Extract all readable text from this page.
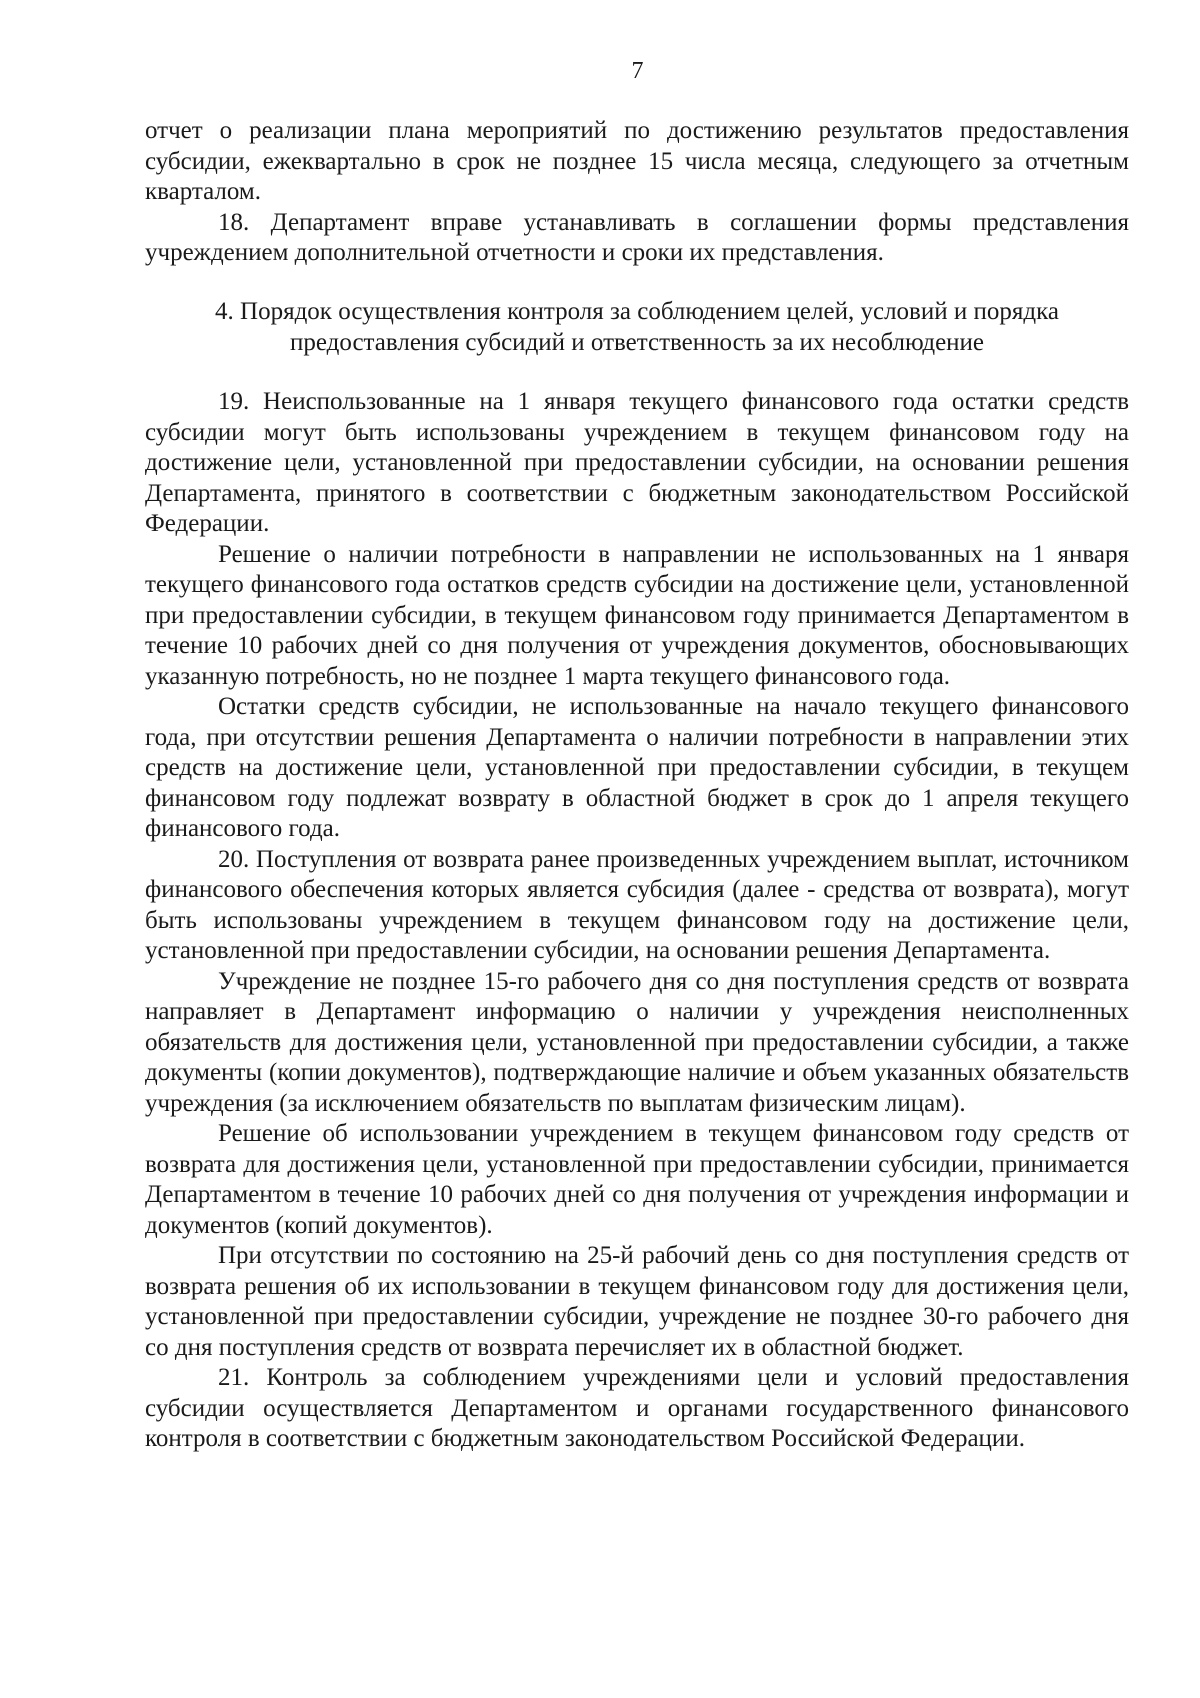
7

отчет о реализации плана мероприятий по достижению результатов предоставления субсидии, ежеквартально в срок не позднее 15 числа месяца, следующего за отчетным кварталом.

18. Департамент вправе устанавливать в соглашении формы представления учреждением дополнительной отчетности и сроки их представления.

4. Порядок осуществления контроля за соблюдением целей, условий и порядка
предоставления субсидий и ответственность за их несоблюдение

19. Неиспользованные на 1 января текущего финансового года остатки средств субсидии могут быть использованы учреждением в текущем финансовом году на достижение цели, установленной при предоставлении субсидии, на основании решения Департамента, принятого в соответствии с бюджетным законодательством Российской Федерации.

Решение о наличии потребности в направлении не использованных на 1 января текущего финансового года остатков средств субсидии на достижение цели, установленной при предоставлении субсидии, в текущем финансовом году принимается Департаментом в течение 10 рабочих дней со дня получения от учреждения документов, обосновывающих указанную потребность, но не позднее 1 марта текущего финансового года.

Остатки средств субсидии, не использованные на начало текущего финансового года, при отсутствии решения Департамента о наличии потребности в направлении этих средств на достижение цели, установленной при предоставлении субсидии, в текущем финансовом году подлежат возврату в областной бюджет в срок до 1 апреля текущего финансового года.

20. Поступления от возврата ранее произведенных учреждением выплат, источником финансового обеспечения которых является субсидия (далее - средства от возврата), могут быть использованы учреждением в текущем финансовом году на достижение цели, установленной при предоставлении субсидии, на основании решения Департамента.

Учреждение не позднее 15-го рабочего дня со дня поступления средств от возврата направляет в Департамент информацию о наличии у учреждения неисполненных обязательств для достижения цели, установленной при предоставлении субсидии, а также документы (копии документов), подтверждающие наличие и объем указанных обязательств учреждения (за исключением обязательств по выплатам физическим лицам).

Решение об использовании учреждением в текущем финансовом году средств от возврата для достижения цели, установленной при предоставлении субсидии, принимается Департаментом в течение 10 рабочих дней со дня получения от учреждения информации и документов (копий документов).

При отсутствии по состоянию на 25-й рабочий день со дня поступления средств от возврата решения об их использовании в текущем финансовом году для достижения цели, установленной при предоставлении субсидии, учреждение не позднее 30-го рабочего дня со дня поступления средств от возврата перечисляет их в областной бюджет.

21. Контроль за соблюдением учреждениями цели и условий предоставления субсидии осуществляется Департаментом и органами государственного финансового контроля в соответствии с бюджетным законодательством Российской Федерации.
